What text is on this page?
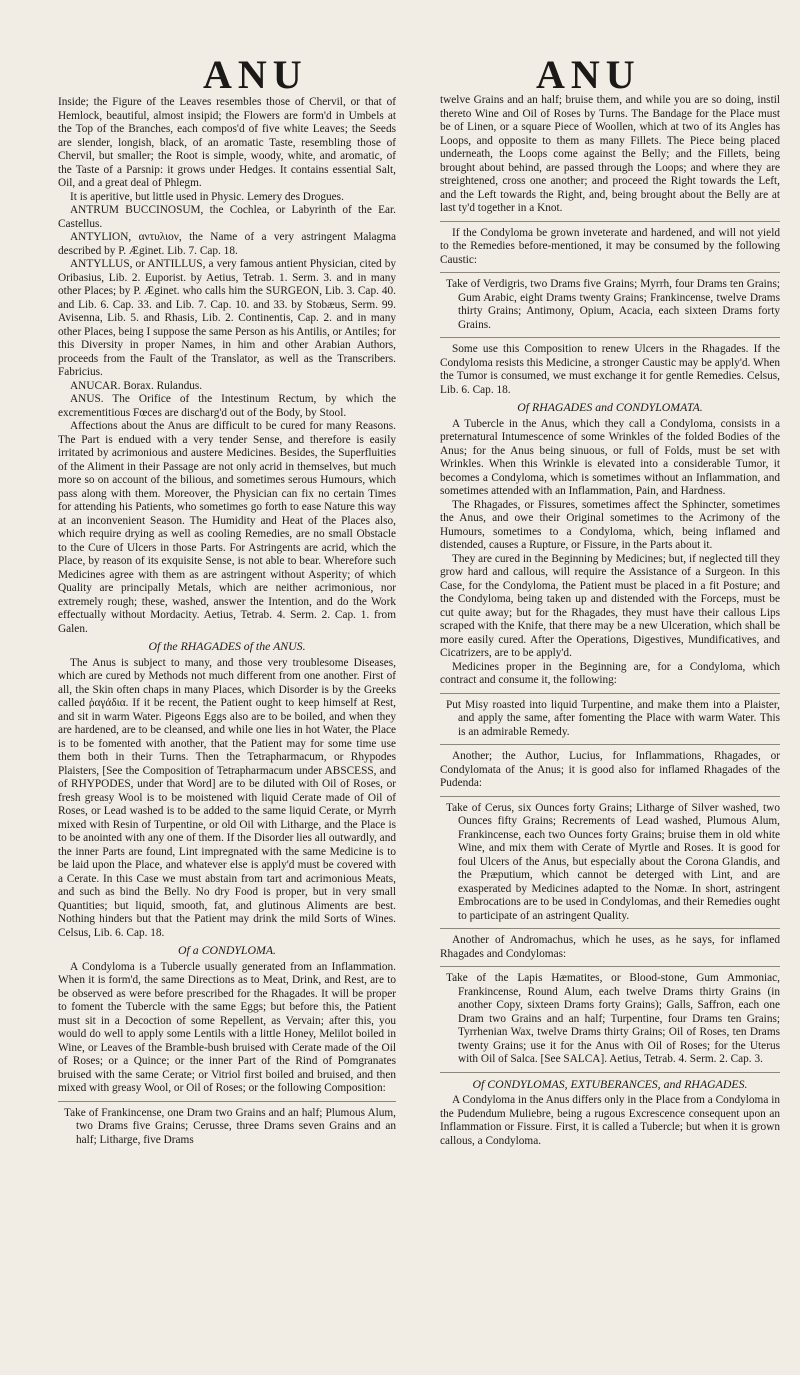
ANU	ANU

Inside; the Figure of the Leaves resembles those of Chervil, or that of Hemlock, beautiful, almost insipid; the Flowers are form'd in Umbels at the Top of the Branches, each compos'd of five white Leaves; the Seeds are slender, longish, black, of an aromatic Taste, resembling those of Chervil, but smaller; the Root is simple, woody, white, and aromatic, of the Taste of a Parsnip: it grows under Hedges. It contains essential Salt, Oil, and a great deal of Phlegm.

It is aperitive, but little used in Physic. Lemery des Drogues.

ANTRUM BUCCINOSUM, the Cochlea, or Labyrinth of the Ear. Castellus.

ANTYLION, αντυλιον, the Name of a very astringent Malagma described by P. Æginet. Lib. 7. Cap. 18.

ANTYLLUS, or ANTILLUS, a very famous antient Physician, cited by Oribasius, Lib. 2. Euporist. by Aetius, Tetrab. 1. Serm. 3. and in many other Places; by P. Æginet. who calls him the SURGEON, Lib. 3. Cap. 40. and Lib. 6. Cap. 33. and Lib. 7. Cap. 10. and 33. by Stobæus, Serm. 99. Avisenna, Lib. 5. and Rhasis, Lib. 2. Continentis, Cap. 2. and in many other Places, being I suppose the same Person as his Antilis, or Antiles; for this Diversity in proper Names, in him and other Arabian Authors, proceeds from the Fault of the Translator, as well as the Transcribers. Fabricius.

ANUCAR. Borax. Rulandus.

ANUS. The Orifice of the Intestinum Rectum, by which the excrementitious Fœces are discharg'd out of the Body, by Stool.

Affections about the Anus are difficult to be cured for many Reasons. The Part is endued with a very tender Sense, and therefore is easily irritated by acrimonious and austere Medicines. Besides, the Superfluities of the Aliment in their Passage are not only acrid in themselves, but much more so on account of the bilious, and sometimes serous Humours, which pass along with them. Moreover, the Physician can fix no certain Times for attending his Patients, who sometimes go forth to ease Nature this way at an inconvenient Season. The Humidity and Heat of the Places also, which require drying as well as cooling Remedies, are no small Obstacle to the Cure of Ulcers in those Parts. For Astringents are acrid, which the Place, by reason of its exquisite Sense, is not able to bear. Wherefore such Medicines agree with them as are astringent without Asperity; of which Quality are principally Metals, which are neither acrimonious, nor extremely rough; these, washed, answer the Intention, and do the Work effectually without Mordacity. Aetius, Tetrab. 4. Serm. 2. Cap. 1. from Galen.

Of the RHAGADES of the ANUS.

The Anus is subject to many, and those very troublesome Diseases, which are cured by Methods not much different from one another. First of all, the Skin often chaps in many Places, which Disorder is by the Greeks called ῥαγάδια. If it be recent, the Patient ought to keep himself at Rest, and sit in warm Water. Pigeons Eggs also are to be boiled, and when they are hardened, are to be cleansed, and while one lies in hot Water, the Place is to be fomented with another, that the Patient may for some time use them both in their Turns. Then the Tetrapharmacum, or Rhypodes Plaisters, [See the Composition of Tetrapharmacum under ABSCESS, and of RHYPODES, under that Word] are to be diluted with Oil of Roses, or fresh greasy Wool is to be moistened with liquid Cerate made of Oil of Roses, or Lead washed is to be added to the same liquid Cerate, or Myrrh mixed with Resin of Turpentine, or old Oil with Litharge, and the Place is to be anointed with any one of them. If the Disorder lies all outwardly, and the inner Parts are found, Lint impregnated with the same Medicine is to be laid upon the Place, and whatever else is apply'd must be covered with a Cerate. In this Case we must abstain from tart and acrimonious Meats, and such as bind the Belly. No dry Food is proper, but in very small Quantities; but liquid, smooth, fat, and glutinous Aliments are best. Nothing hinders but that the Patient may drink the mild Sorts of Wines. Celsus, Lib. 6. Cap. 18.

Of a CONDYLOMA.

A Condyloma is a Tubercle usually generated from an Inflammation. When it is form'd, the same Directions as to Meat, Drink, and Rest, are to be observed as were before prescribed for the Rhagades. It will be proper to foment the Tubercle with the same Eggs; but before this, the Patient must sit in a Decoction of some Repellent, as Vervain; after this, you would do well to apply some Lentils with a little Honey, Melilot boiled in Wine, or Leaves of the Bramble-bush bruised with Cerate made of the Oil of Roses; or a Quince; or the inner Part of the Rind of Pomgranates bruised with the same Cerate; or Vitriol first boiled and bruised, and then mixed with greasy Wool, or Oil of Roses; or the following Composition:

Take of Frankincense, one Dram two Grains and an half; Plumous Alum, two Drams five Grains; Cerusse, three Drams seven Grains and an half; Litharge, five Drams

twelve Grains and an half; bruise them, and while you are so doing, instil thereto Wine and Oil of Roses by Turns. The Bandage for the Place must be of Linen, or a square Piece of Woollen, which at two of its Angles has Loops, and opposite to them as many Fillets. The Piece being placed underneath, the Loops come against the Belly; and the Fillets, being brought about behind, are passed through the Loops; and where they are streightened, cross one another; and proceed the Right towards the Left, and the Left towards the Right, and, being brought about the Belly are at last ty'd together in a Knot.

If the Condyloma be grown inveterate and hardened, and will not yield to the Remedies before-mentioned, it may be consumed by the following Caustic:

Take of Verdigris, two Drams five Grains; Myrrh, four Drams ten Grains; Gum Arabic, eight Drams twenty Grains; Frankincense, twelve Drams thirty Grains; Antimony, Opium, Acacia, each sixteen Drams forty Grains.

Some use this Composition to renew Ulcers in the Rhagades. If the Condyloma resists this Medicine, a stronger Caustic may be apply'd. When the Tumor is consumed, we must exchange it for gentle Remedies. Celsus, Lib. 6. Cap. 18.

Of RHAGADES and CONDYLOMATA.

A Tubercle in the Anus, which they call a Condyloma, consists in a preternatural Intumescence of some Wrinkles of the folded Bodies of the Anus; for the Anus being sinuous, or full of Folds, must be set with Wrinkles. When this Wrinkle is elevated into a considerable Tumor, it becomes a Condyloma, which is sometimes without an Inflammation, and sometimes attended with an Inflammation, Pain, and Hardness.

The Rhagades, or Fissures, sometimes affect the Sphincter, sometimes the Anus, and owe their Original sometimes to the Acrimony of the Humours, sometimes to a Condyloma, which, being inflamed and distended, causes a Rupture, or Fissure, in the Parts about it.

They are cured in the Beginning by Medicines; but, if neglected till they grow hard and callous, will require the Assistance of a Surgeon. In this Case, for the Condyloma, the Patient must be placed in a fit Posture; and the Condyloma, being taken up and distended with the Forceps, must be cut quite away; but for the Rhagades, they must have their callous Lips scraped with the Knife, that there may be a new Ulceration, which shall be more easily cured. After the Operations, Digestives, Mundificatives, and Cicatrizers, are to be apply'd.

Medicines proper in the Beginning are, for a Condyloma, which contract and consume it, the following:

Put Misy roasted into liquid Turpentine, and make them into a Plaister, and apply the same, after fomenting the Place with warm Water. This is an admirable Remedy.

Another; the Author, Lucius, for Inflammations, Rhagades, or Condylomata of the Anus; it is good also for inflamed Rhagades of the Pudenda:

Take of Cerus, six Ounces forty Grains; Litharge of Silver washed, two Ounces fifty Grains; Recrements of Lead washed, Plumous Alum, Frankincense, each two Ounces forty Grains; bruise them in old white Wine, and mix them with Cerate of Myrtle and Roses. It is good for foul Ulcers of the Anus, but especially about the Corona Glandis, and the Præputium, which cannot be deterged with Lint, and are exasperated by Medicines adapted to the Nomæ. In short, astringent Embrocations are to be used in Condylomas, and their Remedies ought to participate of an astringent Quality.

Another of Andromachus, which he uses, as he says, for inflamed Rhagades and Condylomas:

Take of the Lapis Hæmatites, or Blood-stone, Gum Ammoniac, Frankincense, Round Alum, each twelve Drams thirty Grains (in another Copy, sixteen Drams forty Grains); Galls, Saffron, each one Dram two Grains and an half; Turpentine, four Drams ten Grains; Tyrrhenian Wax, twelve Drams thirty Grains; Oil of Roses, ten Drams twenty Grains; use it for the Anus with Oil of Roses; for the Uterus with Oil of Salca. [See SALCA]. Aetius, Tetrab. 4. Serm. 2. Cap. 3.

Of CONDYLOMAS, EXTUBERANCES, and RHAGADES.

A Condyloma in the Anus differs only in the Place from a Condyloma in the Pudendum Muliebre, being a rugous Excrescence consequent upon an Inflammation or Fissure. First, it is called a Tubercle; but when it is grown callous, a Condyloma.
